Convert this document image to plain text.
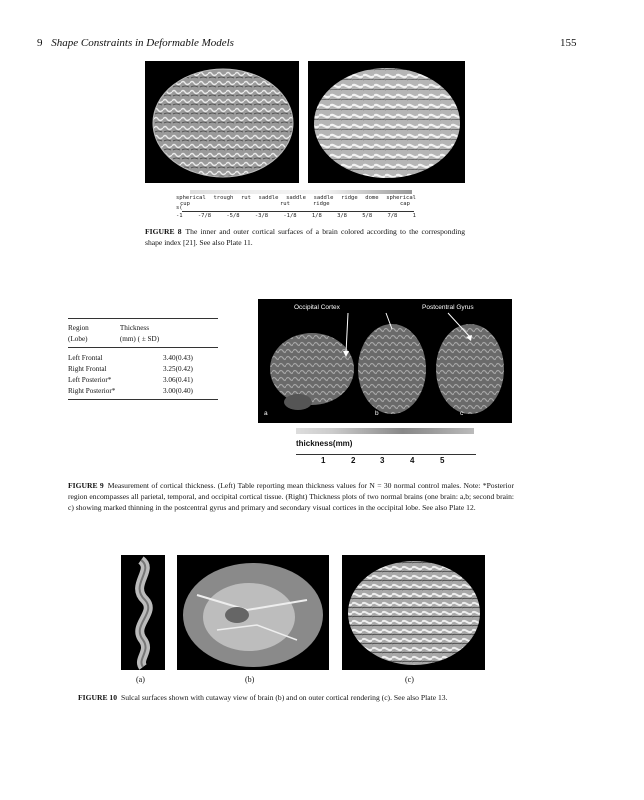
9 Shape Constraints in Deformable Models	155
spherical trough rut saddle saddle saddle ridge dome spherical
cup	rut	ridge	cap
s(
-1	-7/8	-5/8	-3/8	-1/8	1/8	3/8	5/8	7/8	1
FIGURE 8 The inner and outer cortical surfaces of a brain colored according to the corresponding shape index [21]. See also Plate 11.
Region	Thickness
(Lobe)	(mm) ( ± SD)
Left Frontal	3.40(0.43)
Right Frontal	3.25(0.42)
Left Posterior*	3.06(0.41)
Right Posterior*	3.00(0.40)
Occipital Cortex	Postcentral Gyrus
a	b	c
thickness(mm)
1	2	3	4	5
FIGURE 9 Measurement of cortical thickness. (Left) Table reporting mean thickness values for N = 30 normal control males. Note: *Posterior region encompasses all parietal, temporal, and occipital cortical tissue. (Right) Thickness plots of two normal brains (one brain: a,b; second brain: c) showing marked thinning in the postcentral gyrus and primary and secondary visual cortices in the occipital lobe. See also Plate 12.
(a)	(b)	(c)
FIGURE 10 Sulcal surfaces shown with cutaway view of brain (b) and on outer cortical rendering (c). See also Plate 13.
